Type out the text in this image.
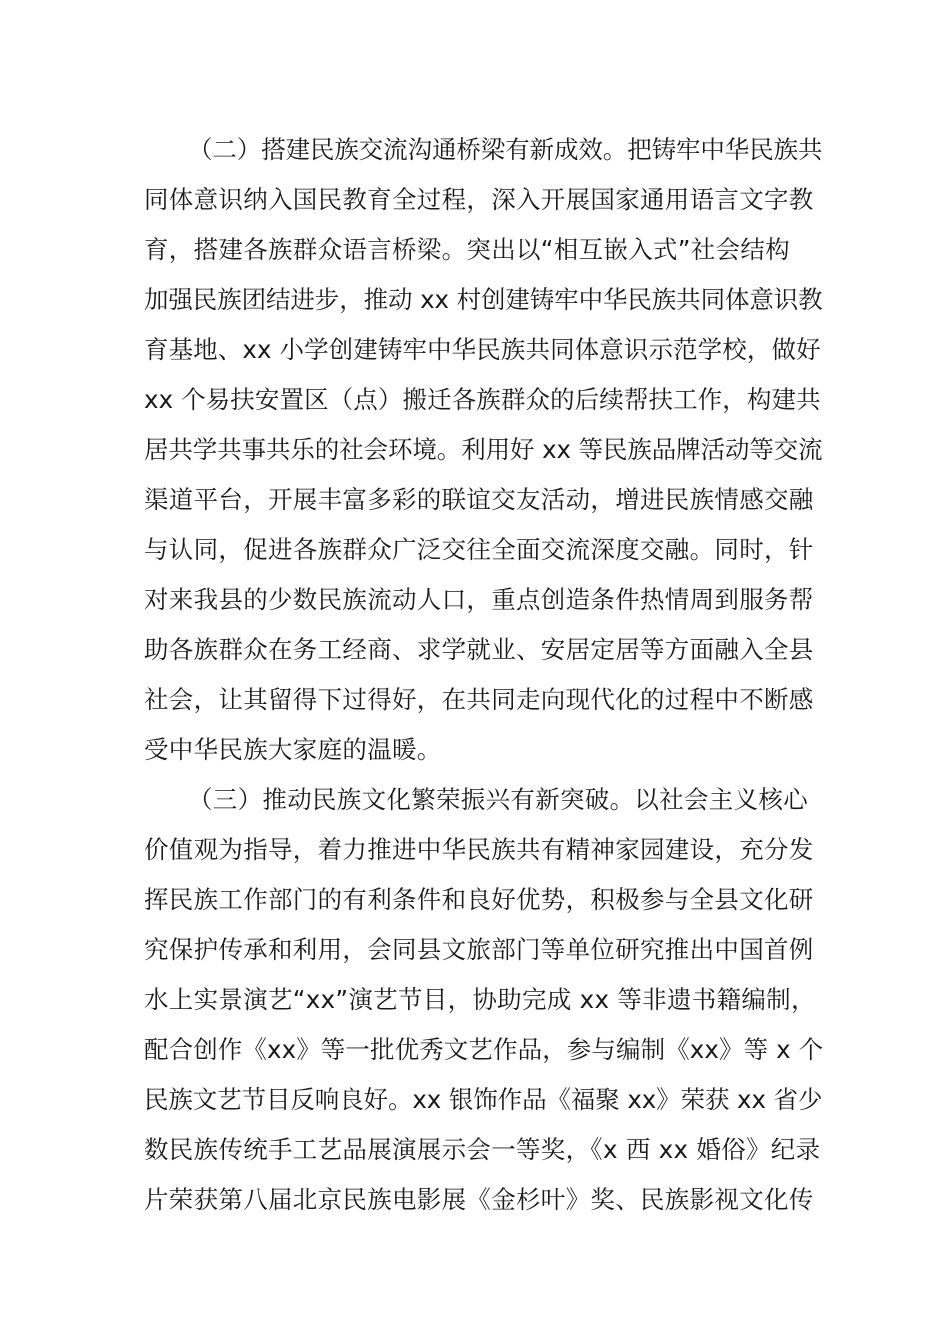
（二）搭建民族交流沟通桥梁有新成效。把铸牢中华民族共
同体意识纳入国民教育全过程，深入开展国家通用语言文字教
育，搭建各族群众语言桥梁。突出以“相互嵌入式”社会结构
加强民族团结进步，推动 xx 村创建铸牢中华民族共同体意识教
育基地、xx 小学创建铸牢中华民族共同体意识示范学校，做好
xx 个易扶安置区（点）搬迁各族群众的后续帮扶工作，构建共
居共学共事共乐的社会环境。利用好 xx 等民族品牌活动等交流
渠道平台，开展丰富多彩的联谊交友活动，增进民族情感交融
与认同，促进各族群众广泛交往全面交流深度交融。同时，针
对来我县的少数民族流动人口，重点创造条件热情周到服务帮
助各族群众在务工经商、求学就业、安居定居等方面融入全县
社会，让其留得下过得好，在共同走向现代化的过程中不断感
受中华民族大家庭的温暖。
（三）推动民族文化繁荣振兴有新突破。以社会主义核心
价值观为指导，着力推进中华民族共有精神家园建设，充分发
挥民族工作部门的有利条件和良好优势，积极参与全县文化研
究保护传承和利用，会同县文旅部门等单位研究推出中国首例
水上实景演艺“xx”演艺节目，协助完成 xx 等非遗书籍编制，
配合创作《xx》等一批优秀文艺作品，参与编制《xx》等 x 个
民族文艺节目反响良好。xx 银饰作品《福聚 xx》荣获 xx 省少
数民族传统手工艺品展演展示会一等奖，《x 西 xx 婚俗》纪录
片荣获第八届北京民族电影展《金杉叶》奖、民族影视文化传
